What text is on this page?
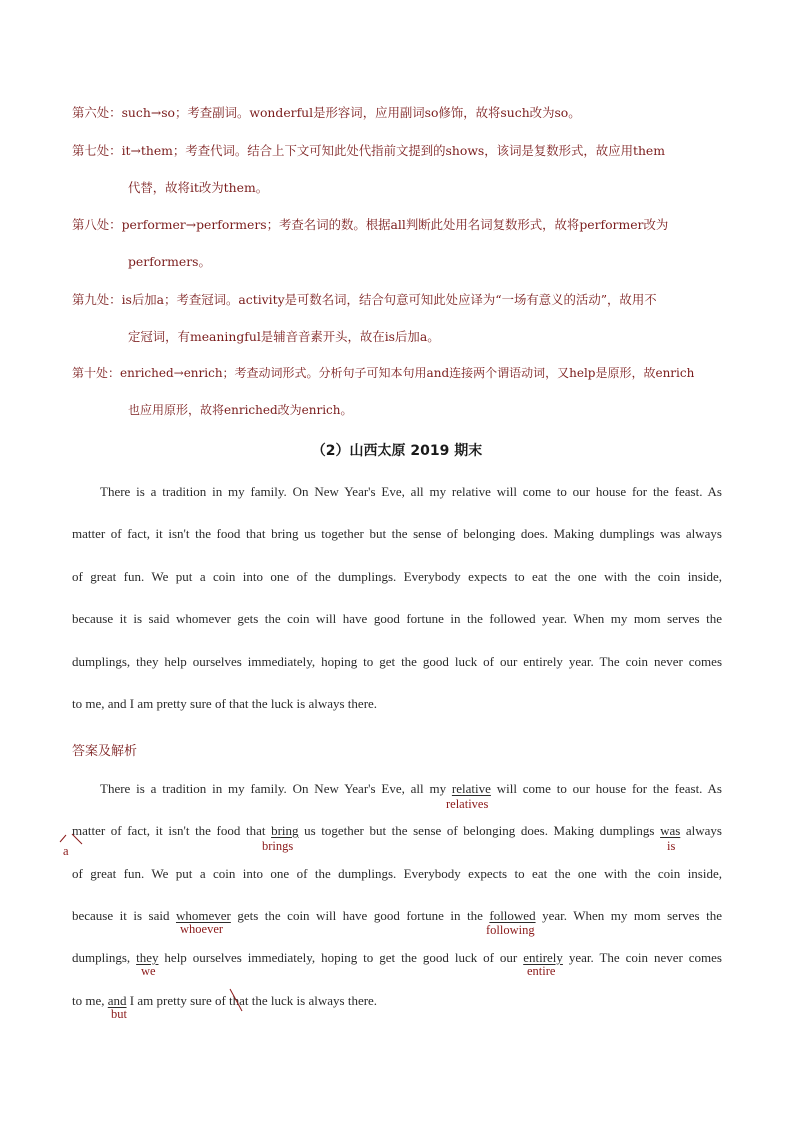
第六处：such→so；考查副词。wonderful是形容词，应用副词so修饰，故将such改为so。
第七处：it→them；考查代词。结合上下文可知此处代指前文提到的shows，该词是复数形式，故应用them
代替，故将it改为them。
第八处：performer→performers；考查名词的数。根据all判断此处用名词复数形式，故将performer改为
performers。
第九处：is后加a；考查冠词。activity是可数名词，结合句意可知此处应译为“一场有意义的活动”，故用不
定冠词，有meaningful是辅音音素开头，故在is后加a。
第十处：enriched→enrich；考查动词形式。分析句子可知本句用and连接两个谓语动词，又help是原形，故enrich
也应用原形，故将enriched改为enrich。
（2）山西太原 2019 期末
There is a tradition in my family. On New Year's Eve, all my relative will come to our house for the feast. As
matter of fact, it isn't the food that bring us together but the sense of belonging does. Making dumplings was always
of great fun. We put a coin into one of the dumplings. Everybody expects to eat the one with the coin inside,
because it is said whomever gets the coin will have good fortune in the followed year. When my mom serves the
dumplings, they help ourselves immediately, hoping to get the good luck of our entirely year. The coin never comes
to me, and I am pretty sure of that the luck is always there.
答案及解析
There is a tradition in my family. On New Year's Eve, all my relative will come to our house for the feast. As
matter of fact, it isn't the food that bring us together but the sense of belonging does. Making dumplings was always
of great fun. We put a coin into one of the dumplings. Everybody expects to eat the one with the coin inside,
because it is said whomever gets the coin will have good fortune in the followed year. When my mom serves the
dumplings, they help ourselves immediately, hoping to get the good luck of our entirely year. The coin never comes
to me, and I am pretty sure of that the luck is always there.
relatives
brings	is
a
whoever	following
we	entire
but
